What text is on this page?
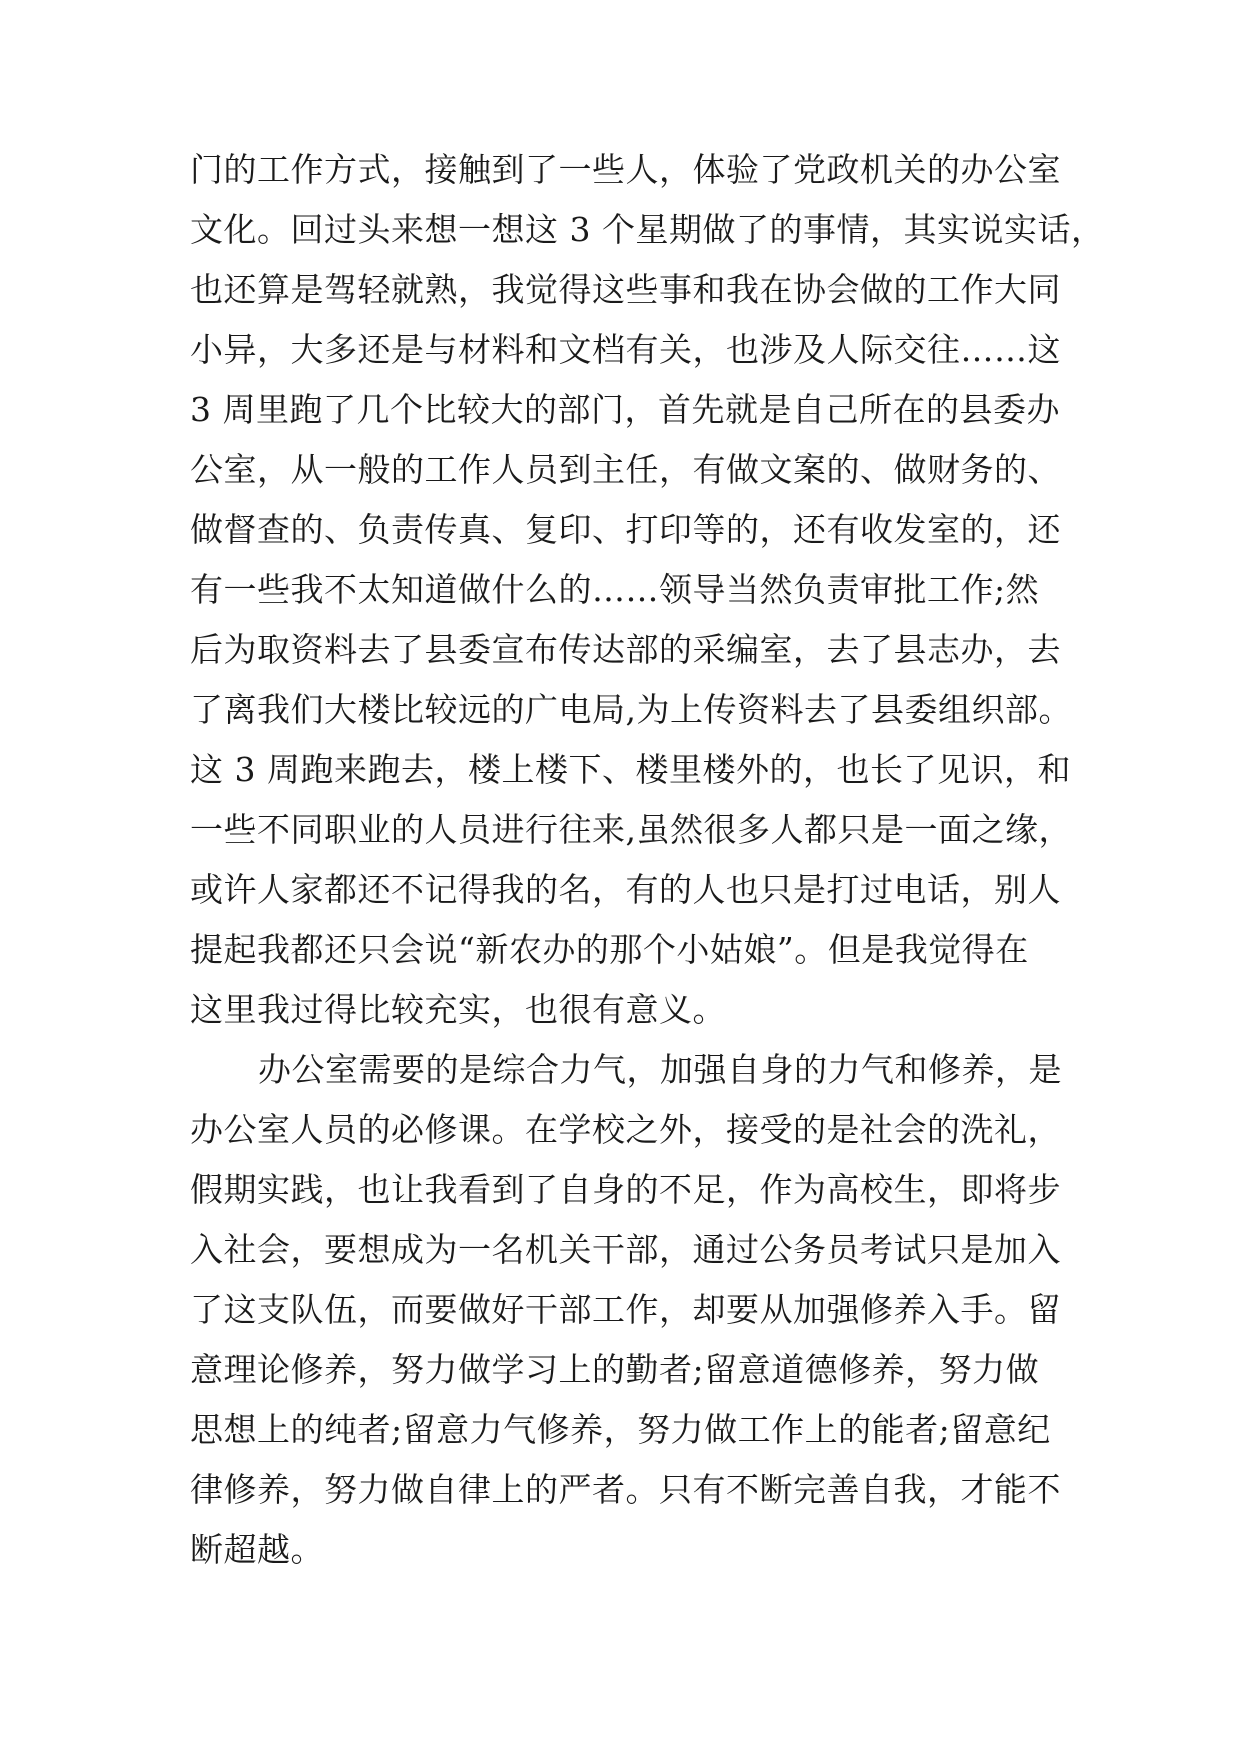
门的工作方式，接触到了一些人，体验了党政机关的办公室
文化。回过头来想一想这 3 个星期做了的事情，其实说实话，
也还算是驾轻就熟，我觉得这些事和我在协会做的工作大同
小异，大多还是与材料和文档有关，也涉及人际交往……这
3 周里跑了几个比较大的部门，首先就是自己所在的县委办
公室，从一般的工作人员到主任，有做文案的、做财务的、
做督查的、负责传真、复印、打印等的，还有收发室的，还
有一些我不太知道做什么的……领导当然负责审批工作;然
后为取资料去了县委宣布传达部的采编室，去了县志办，去
了离我们大楼比较远的广电局,为上传资料去了县委组织部。
这 3 周跑来跑去，楼上楼下、楼里楼外的，也长了见识，和
一些不同职业的人员进行往来,虽然很多人都只是一面之缘，
或许人家都还不记得我的名，有的人也只是打过电话，别人
提起我都还只会说“新农办的那个小姑娘”。但是我觉得在
这里我过得比较充实，也很有意义。
办公室需要的是综合力气，加强自身的力气和修养，是
办公室人员的必修课。在学校之外，接受的是社会的洗礼，
假期实践，也让我看到了自身的不足，作为高校生，即将步
入社会，要想成为一名机关干部，通过公务员考试只是加入
了这支队伍，而要做好干部工作，却要从加强修养入手。留
意理论修养，努力做学习上的勤者;留意道德修养，努力做
思想上的纯者;留意力气修养，努力做工作上的能者;留意纪
律修养，努力做自律上的严者。只有不断完善自我，才能不
断超越。
